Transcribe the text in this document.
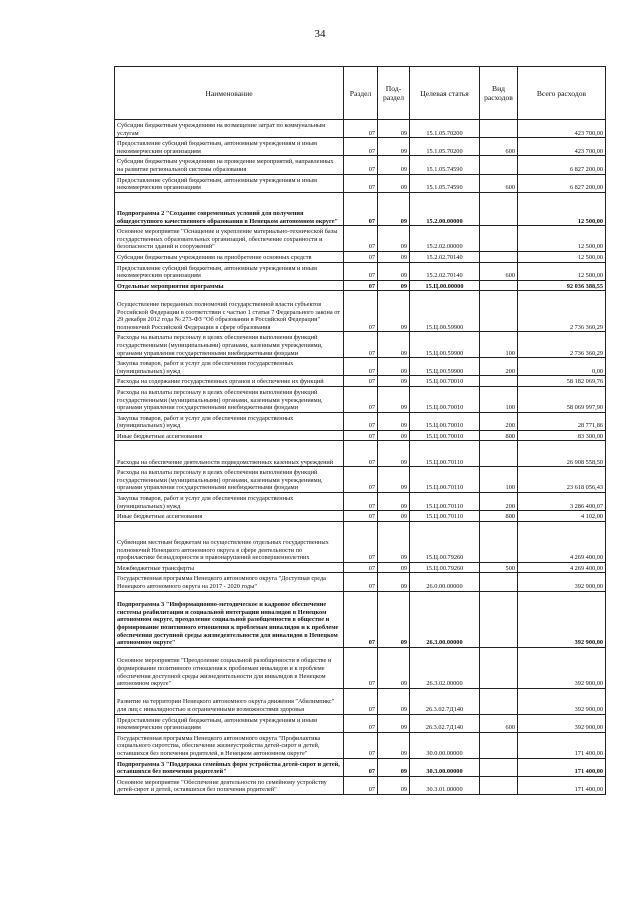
34
Наименование	Раздел	Под-раздел	Целевая статья	Вид расходов	Всего расходов
Субсидии бюджетным учреждениям на возмещение затрат по коммунальным услугам	07	09	15.1.05.70200		423 700,00
Предоставление субсидий бюджетным, автономным учреждениям и иным некоммерческим организациям	07	09	15.1.05.70200	600	423 700,00
Субсидии бюджетным учреждениям на проведение мероприятий, направленных на развитие региональной системы образования	07	09	15.1.05.74590		6 827 200,00
Предоставление субсидий бюджетным, автономным учреждениям и иным некоммерческим организациям	07	09	15.1.05.74590	600	6 827 200,00
Подпрограмма 2 "Создание современных условий для получения общедоступного качественного образования в Ненецком автономном округе"	07	09	15.2.00.00000		12 500,00
Основное мероприятие "Оснащение и укрепление материально-технической базы государственных образовательных организаций, обеспечение сохранности и безопасности зданий и сооружений"	07	09	15.2.02.00000		12 500,00
Субсидии бюджетным учреждениям на приобретение основных средств	07	09	15.2.02.70140		12 500,00
Предоставление субсидий бюджетным, автономным учреждениям и иным некоммерческим организациям	07	09	15.2.02.70140	600	12 500,00
Отдельные мероприятия программы	07	09	15.Ц.00.00000		92 036 388,55
Осуществление переданных полномочий государственной власти субъектов Российской Федерации в соответствии с частью 1 статьи 7 Федерального закона от 29 декабря 2012 года № 273-ФЗ "Об образовании в Российской Федерации" полномочий Российской Федерации в сфере образования	07	09	15.Ц.00.59900		2 736 360,29
Расходы на выплаты персоналу в целях обеспечения выполнения функций государственными (муниципальными) органами, казенными учреждениями, органами управления государственными внебюджетными фондами	07	09	15.Ц.00.59900	100	2 736 360,29
Закупка товаров, работ и услуг для обеспечения государственных (муниципальных) нужд	07	09	15.Ц.00.59900	200	0,00
Расходы на содержание государственных органов и обеспечение их функций	07	09	15.Ц.00.70010		58 182 069,76
Расходы на выплаты персоналу в целях обеспечения выполнения функций государственными (муниципальными) органами, казенными учреждениями, органами управления государственными внебюджетными фондами	07	09	15.Ц.00.70010	100	58 069 997,90
Закупка товаров, работ и услуг для обеспечения государственных (муниципальных) нужд	07	09	15.Ц.00.70010	200	28 771,86
Иные бюджетные ассигнования	07	09	15.Ц.00.70010	800	83 300,00
Расходы на обеспечение деятельности подведомственных казенных учреждений	07	09	15.Ц.00.70110		26 908 558,50
Расходы на выплаты персоналу в целях обеспечения выполнения функций государственными (муниципальными) органами, казенными учреждениями, органами управления государственными внебюджетными фондами	07	09	15.Ц.00.70110	100	23 618 056,43
Закупка товаров, работ и услуг для обеспечения государственных (муниципальных) нужд	07	09	15.Ц.00.70110	200	3 286 400,07
Иные бюджетные ассигнования	07	09	15.Ц.00.70110	800	4 102,00
Субвенции местным бюджетам на осуществление отдельных государственных полномочий Ненецкого автономного округа в сфере деятельности по профилактике безнадзорности и правонарушений несовершеннолетних	07	09	15.Ц.00.79260		4 269 400,00
Межбюджетные трансферты	07	09	15.Ц.00.79260	500	4 269 400,00
Государственная программа Ненецкого автономного округа "Доступная среда Ненецкого автономного округа на 2017 - 2020 годы"	07	09	26.0.00.00000		392 900,00
Подпрограмма 3 "Информационно-методическое и кадровое обеспечение системы реабилитации и социальной интеграции инвалидов в Ненецком автономном округе, преодоление социальной разобщенности в обществе и формирование позитивного отношения к проблемам инвалидов и к проблеме обеспечения доступной среды жизнедеятельности для инвалидов в Ненецком автономном округе"	07	09	26.3.00.00000		392 900,00
Основное мероприятие "Преодоление социальной разобщенности в обществе и формирование позитивного отношения к проблемам инвалидов и к проблеме обеспечения доступной среды жизнедеятельности для инвалидов в Ненецком автономном округе"	07	09	26.3.02.00000		392 900,00
Развитие на территории Ненецкого автономного округа движения "Абилимпикс" для лиц с инвалидностью и ограниченными возможностями здоровья	07	09	26.3.02.7Д140		392 900,00
Предоставление субсидий бюджетным, автономным учреждениям и иным некоммерческим организациям	07	09	26.3.02.7Д140	600	392 900,00
Государственная программа Ненецкого автономного округа "Профилактика социального сиротства, обеспечение жизнеустройства детей-сирот и детей, оставшихся без попечения родителей, в Ненецком автономном округе"	07	09	30.0.00.00000		171 400,00
Подпрограмма 3 "Поддержка семейных форм устройства детей-сирот и детей, оставшихся без попечения родителей"	07	09	30.3.00.00000		171 400,00
Основное мероприятие "Обеспечение деятельности по семейному устройству детей-сирот и детей, оставшихся без попечения родителей"	07	09	30.3.01.00000		171 400,00
